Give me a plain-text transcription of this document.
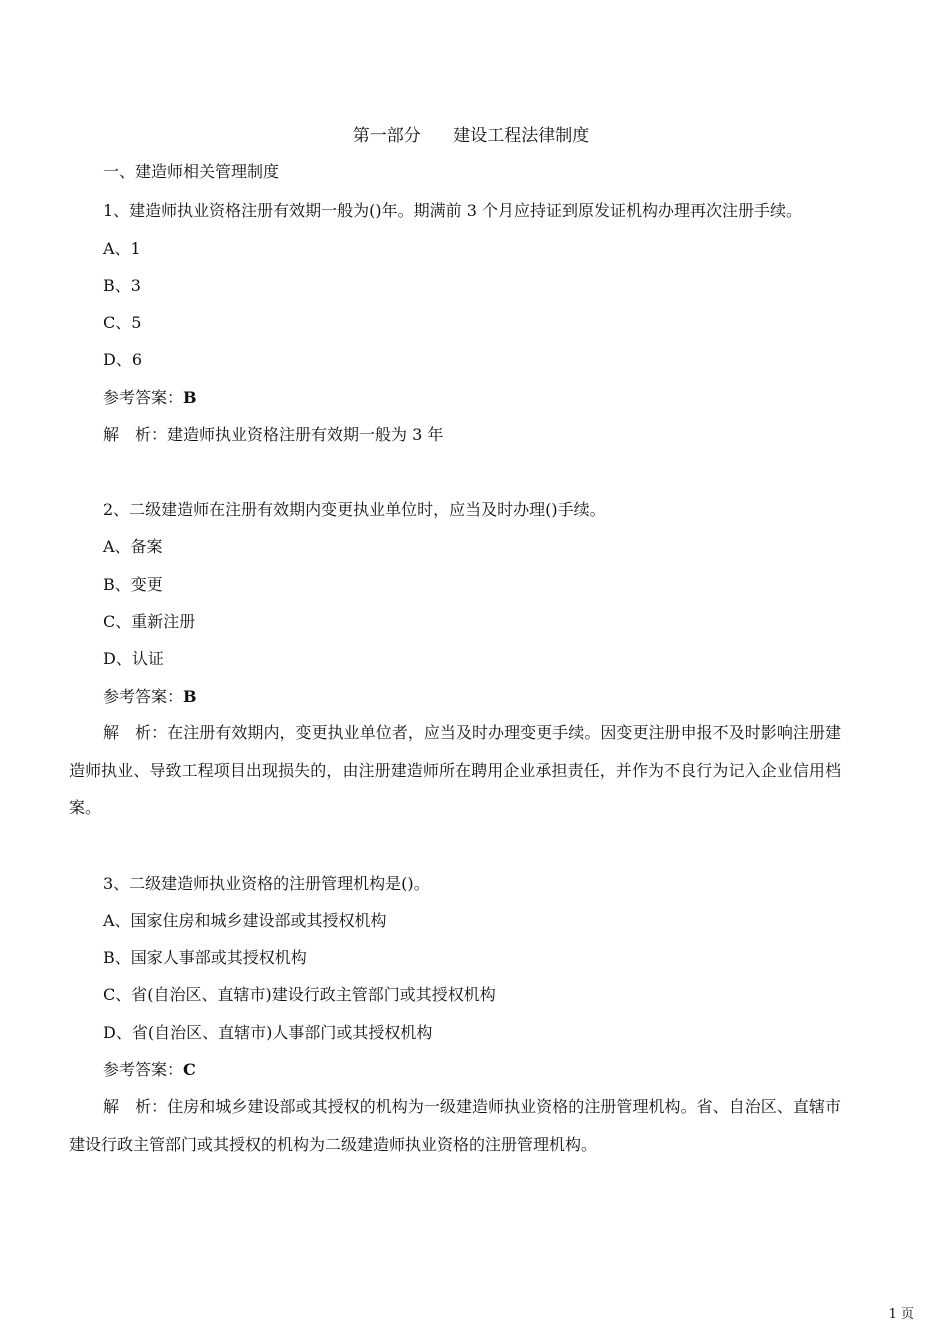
第一部分      建设工程法律制度
一、建造师相关管理制度
1、建造师执业资格注册有效期一般为()年。期满前 3 个月应持证到原发证机构办理再次注册手续。
A、1
B、3
C、5
D、6
参考答案：B
解　析：建造师执业资格注册有效期一般为 3 年
2、二级建造师在注册有效期内变更执业单位时，应当及时办理()手续。
A、备案
B、变更
C、重新注册
D、认证
参考答案：B
解　析：在注册有效期内，变更执业单位者，应当及时办理变更手续。因变更注册申报不及时影响注册建造师执业、导致工程项目出现损失的，由注册建造师所在聘用企业承担责任，并作为不良行为记入企业信用档案。
3、二级建造师执业资格的注册管理机构是()。
A、国家住房和城乡建设部或其授权机构
B、国家人事部或其授权机构
C、省(自治区、直辖市)建设行政主管部门或其授权机构
D、省(自治区、直辖市)人事部门或其授权机构
参考答案：C
解　析：住房和城乡建设部或其授权的机构为一级建造师执业资格的注册管理机构。省、自治区、直辖市建设行政主管部门或其授权的机构为二级建造师执业资格的注册管理机构。
1 页
